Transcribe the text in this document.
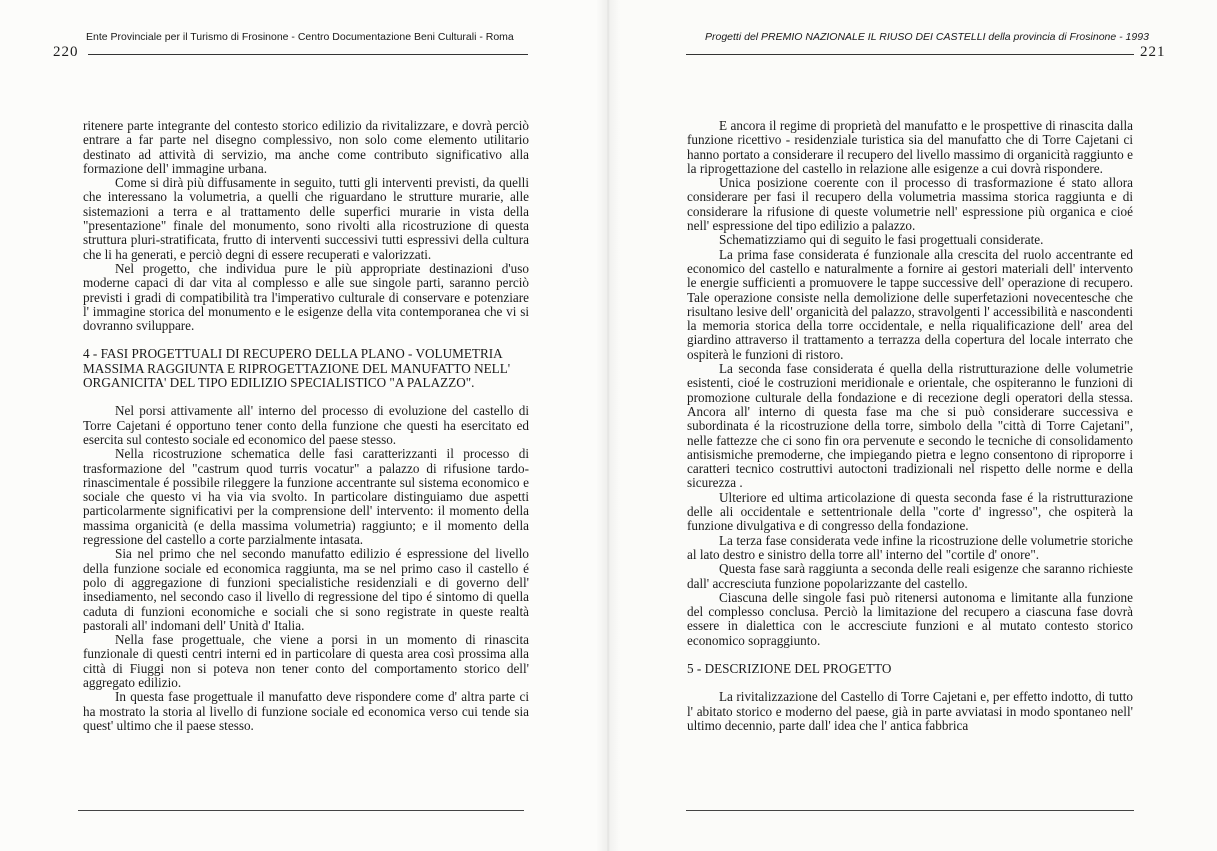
Ente Provinciale per il Turismo di Frosinone - Centro Documentazione Beni Culturali - Roma
220

ritenere parte integrante del contesto storico edilizio da rivitalizzare, e dovrà perciò entrare a far parte nel disegno complessivo, non solo come elemento utilitario destinato ad attività di servizio, ma anche come contributo significativo alla formazione dell' immagine urbana.

Come si dirà più diffusamente in seguito, tutti gli interventi previsti, da quelli che interessano la volumetria, a quelli che riguardano le strutture murarie, alle sistemazioni a terra e al trattamento delle superfici murarie in vista della "presentazione" finale del monumento, sono rivolti alla ricostruzione di questa struttura pluri-stratificata, frutto di interventi successivi tutti espressivi della cultura che li ha generati, e perciò degni di essere recuperati e valorizzati.

Nel progetto, che individua pure le più appropriate destinazioni d'uso moderne capaci di dar vita al complesso e alle sue singole parti, saranno perciò previsti i gradi di compatibilità tra l'imperativo culturale di conservare e potenziare l' immagine storica del monumento e le esigenze della vita contemporanea che vi si dovranno sviluppare.

4 - FASI PROGETTUALI DI RECUPERO DELLA PLANO - VOLUMETRIA MASSIMA RAGGIUNTA E RIPROGETTAZIONE DEL MANUFATTO NELL' ORGANICITA' DEL TIPO EDILIZIO SPECIALISTICO "A PALAZZO".

Nel porsi attivamente all' interno del processo di evoluzione del castello di Torre Cajetani é opportuno tener conto della funzione che questi ha esercitato ed esercita sul contesto sociale ed economico del paese stesso.

Nella ricostruzione schematica delle fasi caratterizzanti il processo di trasformazione del "castrum quod turris vocatur" a palazzo di rifusione tardo-rinascimentale é possibile rileggere la funzione accentrante sul sistema economico e sociale che questo vi ha via via svolto. In particolare distinguiamo due aspetti particolarmente significativi per la comprensione dell' intervento: il momento della massima organicità (e della massima volumetria) raggiunto; e il momento della regressione del castello a corte parzialmente intasata.

Sia nel primo che nel secondo manufatto edilizio é espressione del livello della funzione sociale ed economica raggiunta, ma se nel primo caso il castello é polo di aggregazione di funzioni specialistiche residenziali e di governo dell' insediamento, nel secondo caso il livello di regressione del tipo é sintomo di quella caduta di funzioni economiche e sociali che si sono registrate in queste realtà pastorali all' indomani dell' Unità d' Italia.

Nella fase progettuale, che viene a porsi in un momento di rinascita funzionale di questi centri interni ed in particolare di questa area così prossima alla città di Fiuggi non si poteva non tener conto del comportamento storico dell' aggregato edilizio.

In questa fase progettuale il manufatto deve rispondere come d' altra parte ci ha mostrato la storia al livello di funzione sociale ed economica verso cui tende sia quest' ultimo che il paese stesso.

Progetti del PREMIO NAZIONALE IL RIUSO DEI CASTELLI della provincia di Frosinone - 1993
221

E ancora il regime di proprietà del manufatto e le prospettive di rinascita dalla funzione ricettivo - residenziale turistica sia del manufatto che di Torre Cajetani ci hanno portato a considerare il recupero del livello massimo di organicità raggiunto e la riprogettazione del castello in relazione alle esigenze a cui dovrà rispondere.

Unica posizione coerente con il processo di trasformazione é stato allora considerare per fasi il recupero della volumetria massima storica raggiunta e di considerare la rifusione di queste volumetrie nell' espressione più organica e cioé nell' espressione del tipo edilizio a palazzo.

Schematizziamo qui di seguito le fasi progettuali considerate.

La prima fase considerata é funzionale alla crescita del ruolo accentrante ed economico del castello e naturalmente a fornire ai gestori materiali dell' intervento le energie sufficienti a promuovere le tappe successive dell' operazione di recupero. Tale operazione consiste nella demolizione delle superfetazioni novecentesche che risultano lesive dell' organicità del palazzo, stravolgenti l' accessibilità e nascondenti la memoria storica della torre occidentale, e nella riqualificazione dell' area del giardino attraverso il trattamento a terrazza della copertura del locale interrato che ospiterà le funzioni di ristoro.

La seconda fase considerata é quella della ristrutturazione delle volumetrie esistenti, cioé le costruzioni meridionale e orientale, che ospiteranno le funzioni di promozione culturale della fondazione e di recezione degli operatori della stessa. Ancora all' interno di questa fase ma che si può considerare successiva e subordinata é la ricostruzione della torre, simbolo della "città di Torre Cajetani", nelle fattezze che ci sono fin ora pervenute e secondo le tecniche di consolidamento antisismiche premoderne, che impiegando pietra e legno consentono di riproporre i caratteri tecnico costruttivi autoctoni tradizionali nel rispetto delle norme e della sicurezza .

Ulteriore ed ultima articolazione di questa seconda fase é la ristrutturazione delle ali occidentale e settentrionale della "corte d' ingresso", che ospiterà la funzione divulgativa e di congresso della fondazione.

La terza fase considerata vede infine la ricostruzione delle volumetrie storiche al lato destro e sinistro della torre all' interno del "cortile d' onore".

Questa fase sarà raggiunta a seconda delle reali esigenze che saranno richieste dall' accresciuta funzione popolarizzante del castello.

Ciascuna delle singole fasi può ritenersi autonoma e limitante alla funzione del complesso conclusa. Perciò la limitazione del recupero a ciascuna fase dovrà essere in dialettica con le accresciute funzioni e al mutato contesto storico economico sopraggiunto.

5 - DESCRIZIONE DEL PROGETTO

La rivitalizzazione del Castello di Torre Cajetani e, per effetto indotto, di tutto l' abitato storico e moderno del paese, già in parte avviatasi in modo spontaneo nell' ultimo decennio, parte dall' idea che l' antica fabbrica
